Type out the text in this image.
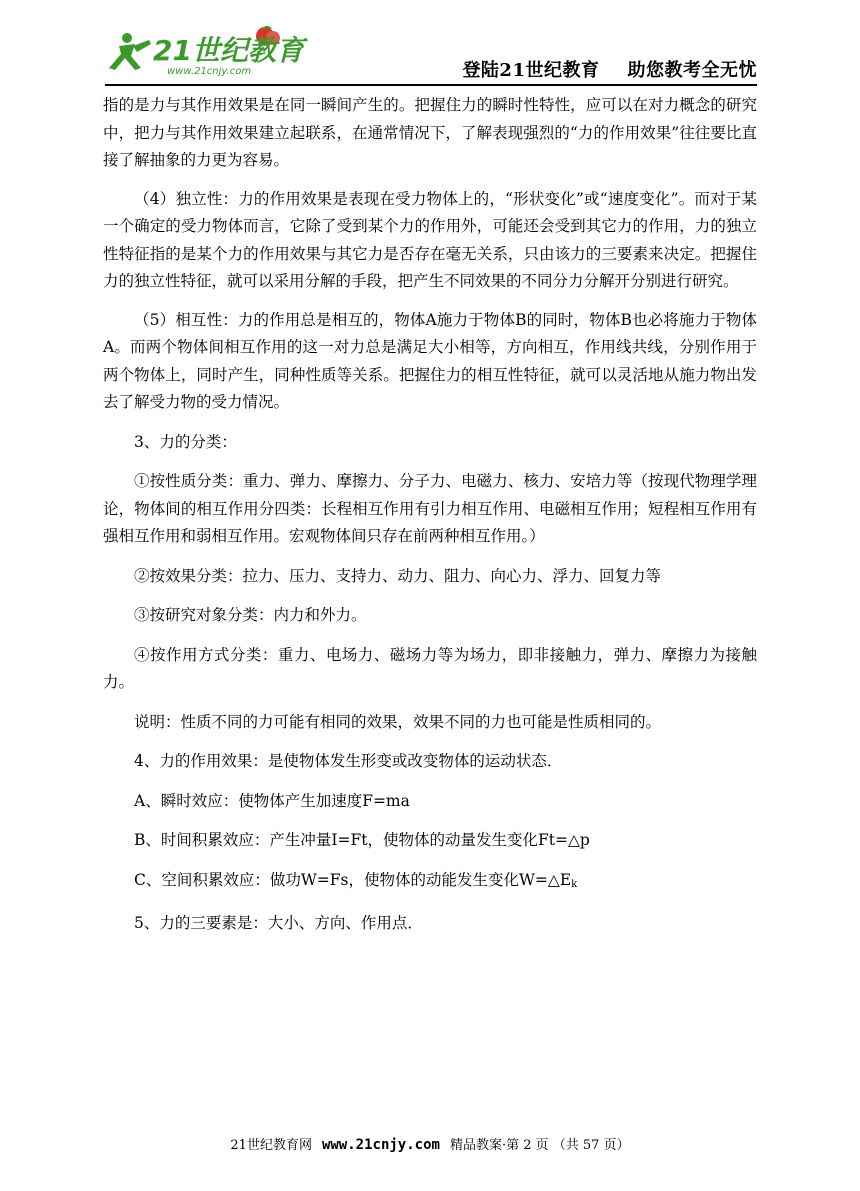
21世纪教育
www.21cnjy.com	登陆21世纪教育 助您教考全无忧

指的是力与其作用效果是在同一瞬间产生的。把握住力的瞬时性特性，应可以在对力概念的研究中，把力与其作用效果建立起联系，在通常情况下，了解表现强烈的“力的作用效果”往往要比直接了解抽象的力更为容易。

（4）独立性：力的作用效果是表现在受力物体上的，“形状变化”或“速度变化”。而对于某一个确定的受力物体而言，它除了受到某个力的作用外，可能还会受到其它力的作用，力的独立性特征指的是某个力的作用效果与其它力是否存在毫无关系，只由该力的三要素来决定。把握住力的独立性特征，就可以采用分解的手段，把产生不同效果的不同分力分解开分别进行研究。

（5）相互性：力的作用总是相互的，物体A施力于物体B的同时，物体B也必将施力于物体A。而两个物体间相互作用的这一对力总是满足大小相等，方向相互，作用线共线，分别作用于两个物体上，同时产生，同种性质等关系。把握住力的相互性特征，就可以灵活地从施力物出发去了解受力物的受力情况。

3、力的分类：

①按性质分类：重力、弹力、摩擦力、分子力、电磁力、核力、安培力等（按现代物理学理论，物体间的相互作用分四类：长程相互作用有引力相互作用、电磁相互作用；短程相互作用有强相互作用和弱相互作用。宏观物体间只存在前两种相互作用。）

②按效果分类：拉力、压力、支持力、动力、阻力、向心力、浮力、回复力等

③按研究对象分类：内力和外力。

④按作用方式分类：重力、电场力、磁场力等为场力，即非接触力，弹力、摩擦力为接触力。

说明：性质不同的力可能有相同的效果，效果不同的力也可能是性质相同的。

4、力的作用效果：是使物体发生形变或改变物体的运动状态．

A、瞬时效应：使物体产生加速度F=ma

B、时间积累效应：产生冲量I=Ft，使物体的动量发生变化Ft=△p

C、空间积累效应：做功W=Fs，使物体的动能发生变化$W=\triangle E_k$

5、力的三要素是：大小、方向、作用点．

21世纪教育网 www.21cnjy.com 精品教案·第 2 页 （共 57 页）
